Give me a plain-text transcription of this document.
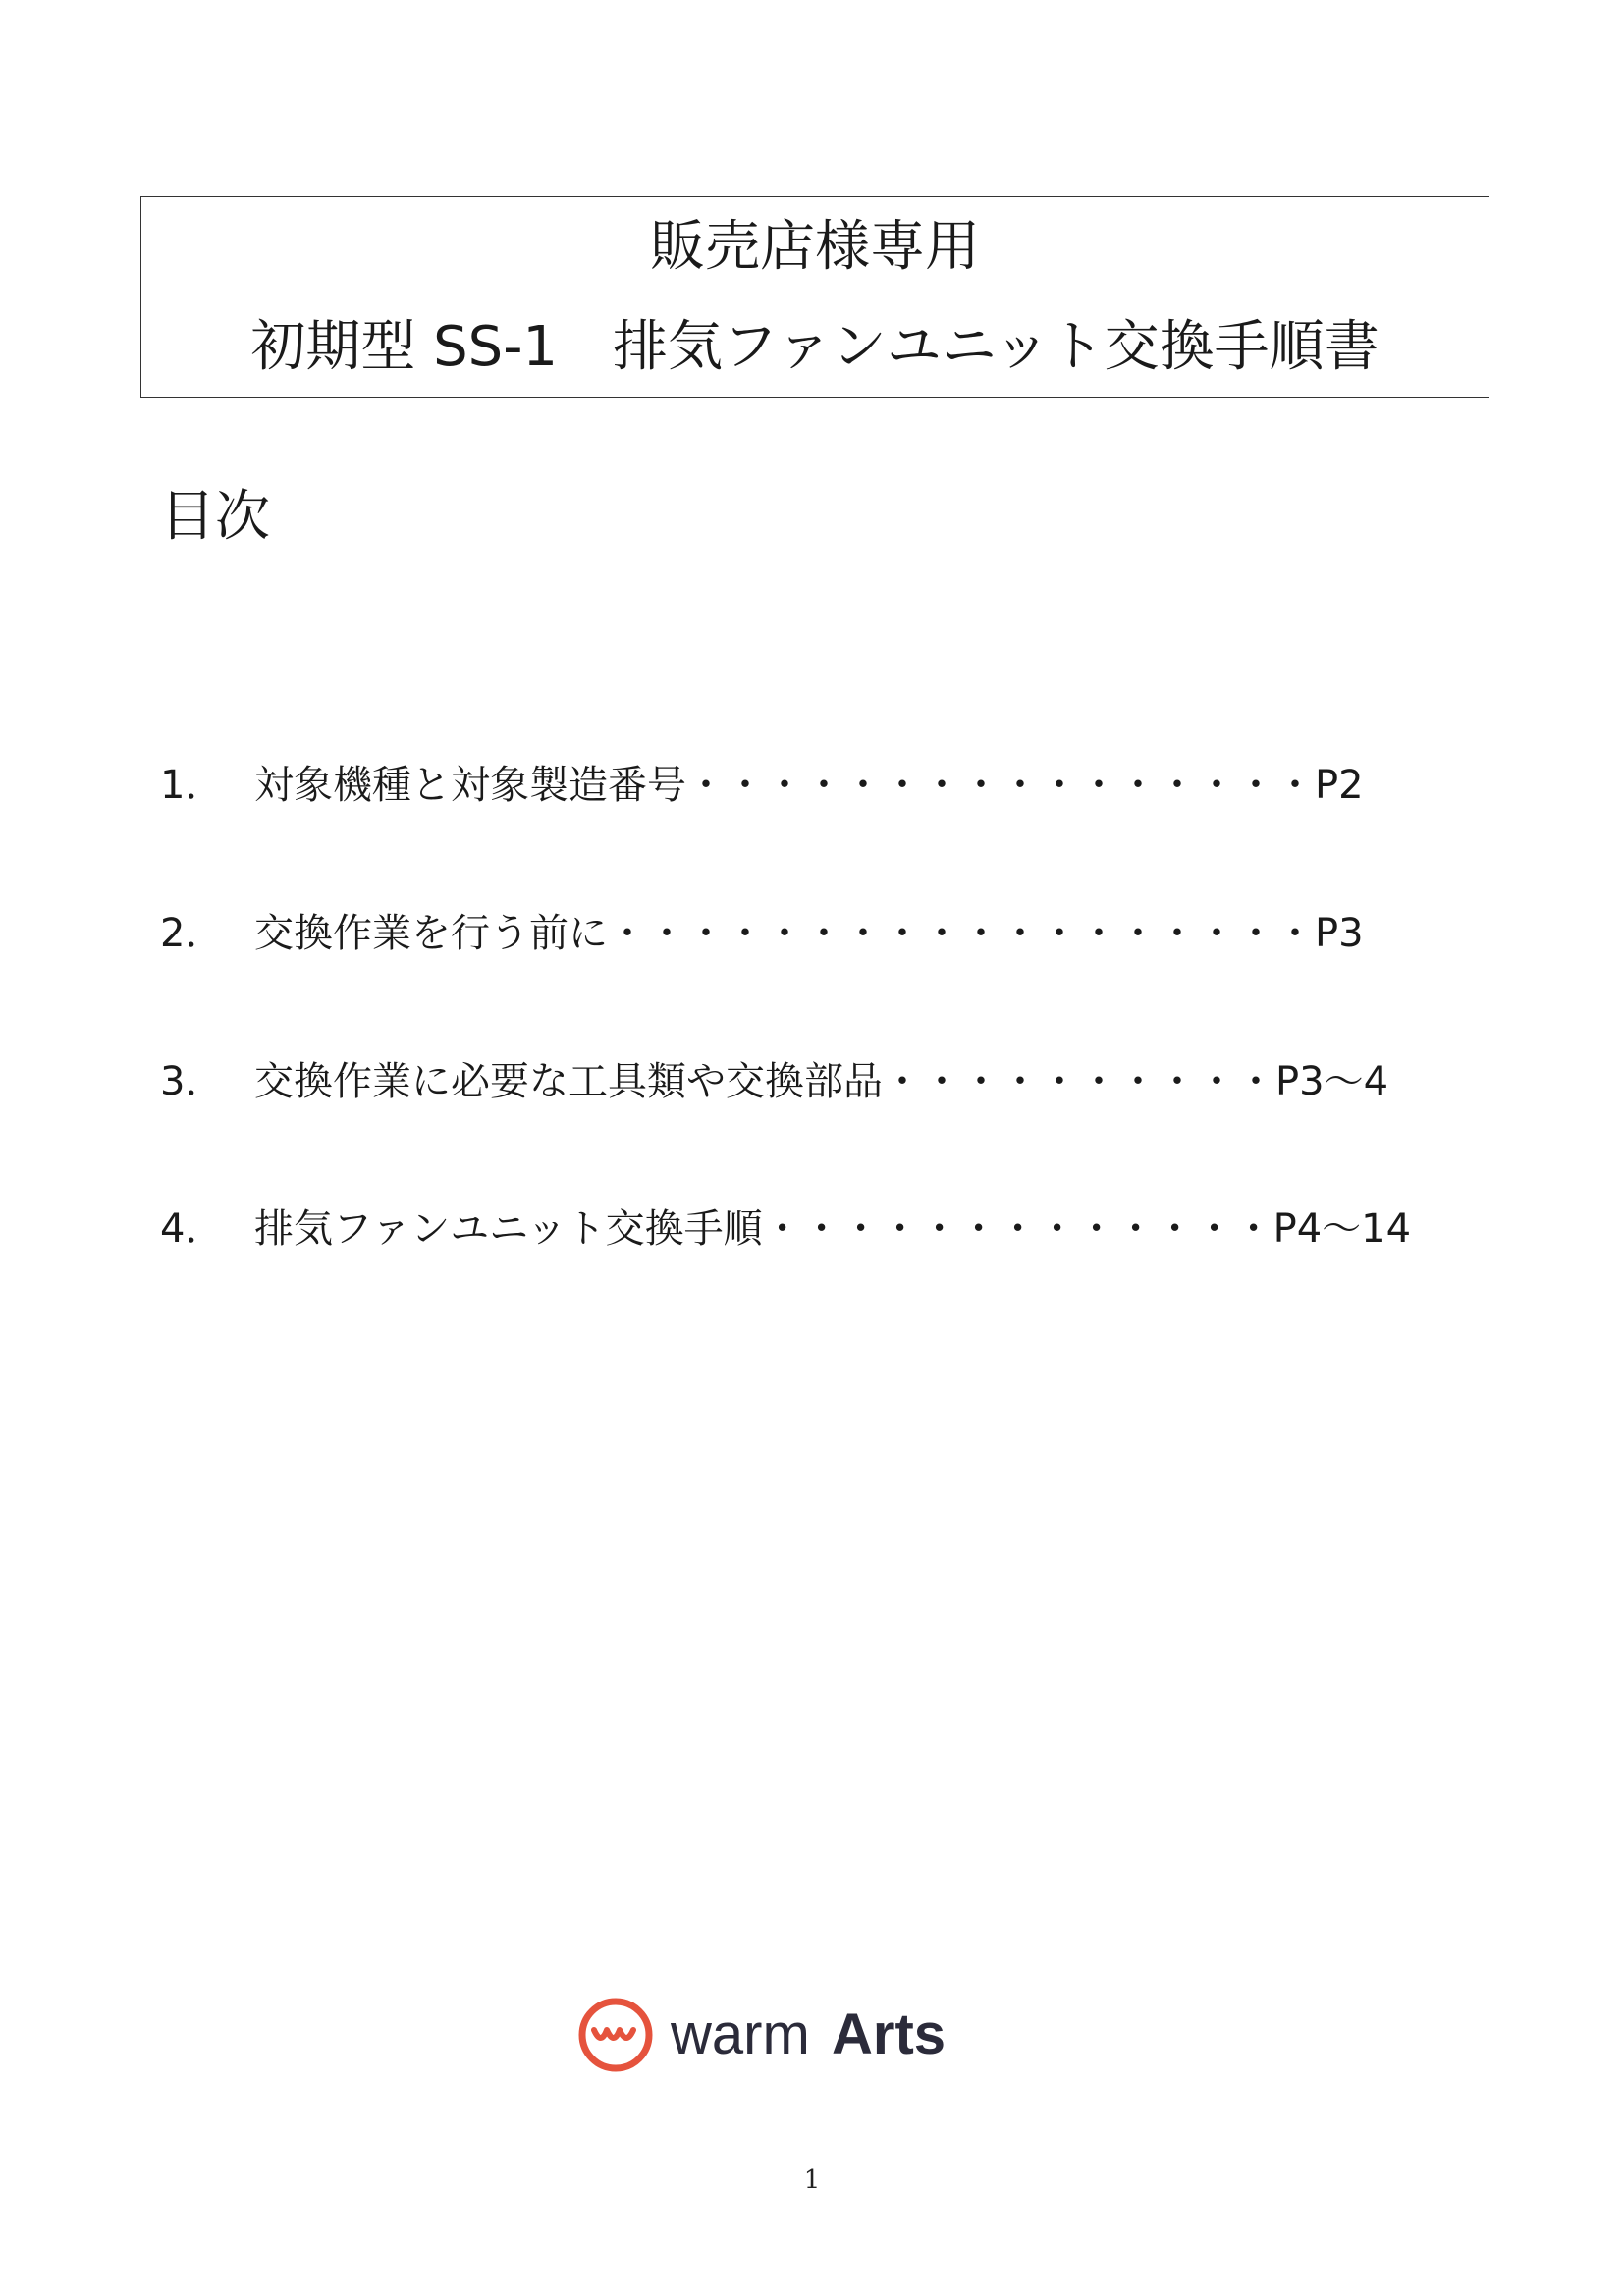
販売店様専用
初期型 SS-1　排気ファンユニット交換手順書
目次
1． 対象機種と対象製造番号・・・・・・・・・・・・・・・・P2
2． 交換作業を行う前に・・・・・・・・・・・・・・・・・・P3
3． 交換作業に必要な工具類や交換部品・・・・・・・・・・P3～4
4． 排気ファンユニット交換手順・・・・・・・・・・・・・P4～14
warm Arts
1
